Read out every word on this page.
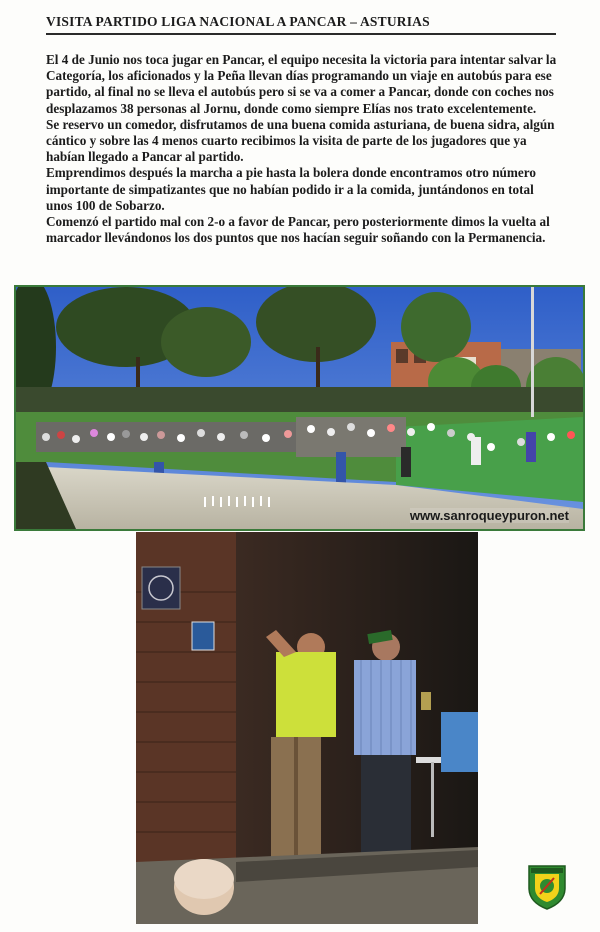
VISITA PARTIDO LIGA NACIONAL A PANCAR – ASTURIAS

El 4 de Junio nos toca jugar en Pancar, el equipo necesita la victoria para intentar salvar la Categoría, los aficionados y la Peña llevan días programando un viaje en autobús para ese partido, al final no se lleva el autobús pero si se va a comer a Pancar, donde con coches nos desplazamos 38 personas al Jornu, donde como siempre Elías nos trato excelentemente.

Se reservo un comedor, disfrutamos de una buena comida asturiana, de buena sidra, algún cántico y sobre las 4 menos cuarto recibimos la visita de parte de los jugadores que ya habían llegado a Pancar al partido.

Emprendimos después la marcha a pie hasta la bolera donde encontramos otro número importante de simpatizantes que no habían podido ir a la comida, juntándonos en total unos 100 de Sobarzo.

Comenzó el partido mal con 2-o a favor de Pancar, pero posteriormente dimos la vuelta al marcador llevándonos los dos puntos que nos hacían seguir soñando con la Permanencia.

www.sanroqueypuron.net
